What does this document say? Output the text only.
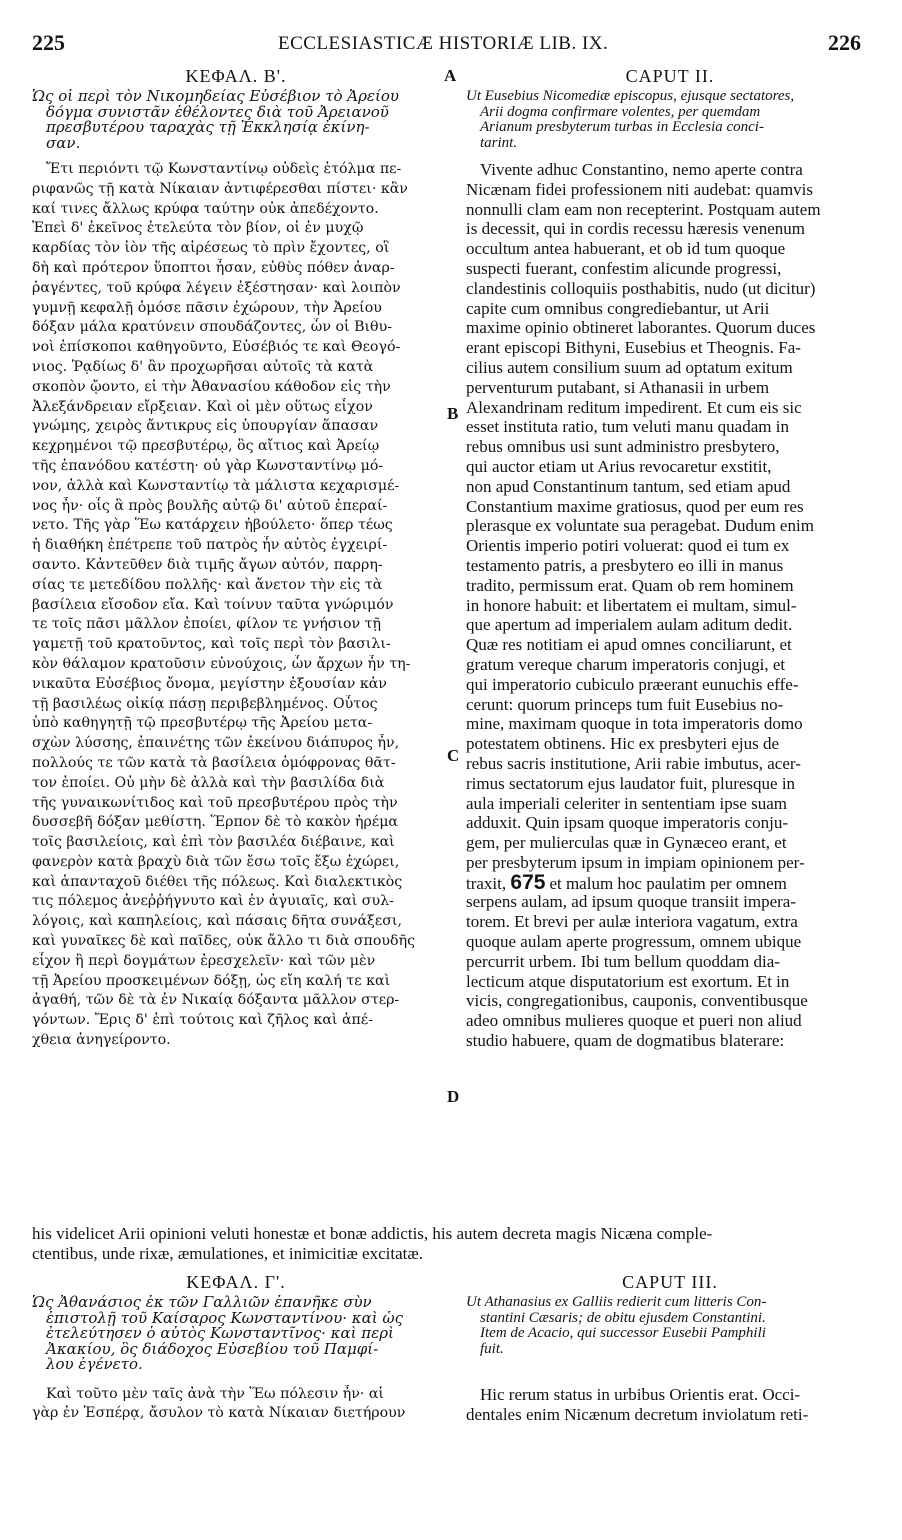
225	ECCLESIASTICÆ HISTORIÆ LIB. IX.	226
A
B
C
D
ΚΕΦΑΛ. Β'.
Ὡς οἱ περὶ τὸν Νικομηδείας Εὐσέβιον τὸ Ἀρείου
δόγμα συνιστᾶν ἐθέλοντες διὰ τοῦ Ἀρειανοῦ
πρεσβυτέρου ταραχὰς τῇ Ἐκκλησίᾳ ἐκίνη-
σαν.
Ἔτι περιόντι τῷ Κωνσταντίνῳ οὐδεὶς ἐτόλμα πε-
ριφανῶς τῇ κατὰ Νίκαιαν ἀντιφέρεσθαι πίστει· κἂν
καί τινες ἄλλως κρύφα ταύτην οὐκ ἀπεδέχοντο.
Ἐπεὶ δ' ἐκεῖνος ἐτελεύτα τὸν βίον, οἱ ἐν μυχῷ
καρδίας τὸν ἰὸν τῆς αἱρέσεως τὸ πρὶν ἔχοντες, οἳ
δὴ καὶ πρότερον ὕποπτοι ἦσαν, εὐθὺς πόθεν ἀναρ-
ῥαγέντες, τοῦ κρύφα λέγειν ἐξέστησαν· καὶ λοιπὸν
γυμνῇ κεφαλῇ ὁμόσε πᾶσιν ἐχώρουν, τὴν Ἀρείου
δόξαν μάλα κρατύνειν σπουδάζοντες, ὧν οἱ Βιθυ-
νοὶ ἐπίσκοποι καθηγοῦντο, Εὐσέβιός τε καὶ Θεογό-
νιος. Ῥᾳδίως δ' ἂν προχωρῆσαι αὐτοῖς τὰ κατὰ
σκοπὸν ᾤοντο, εἰ τὴν Ἀθανασίου κάθοδον εἰς τὴν
Ἀλεξάνδρειαν εἴρξειαν. Καὶ οἱ μὲν οὕτως εἶχον
γνώμης, χειρὸς ἄντικρυς εἰς ὑπουργίαν ἅπασαν
κεχρημένοι τῷ πρεσβυτέρῳ, ὃς αἴτιος καὶ Ἀρείῳ
τῆς ἐπανόδου κατέστη· οὐ γὰρ Κωνσταντίνῳ μό-
νον, ἀλλὰ καὶ Κωνσταντίῳ τὰ μάλιστα κεχαρισμέ-
νος ἦν· οἷς ἃ πρὸς βουλῆς αὐτῷ δι' αὐτοῦ ἐπεραί-
νετο. Τῆς γὰρ Ἕω κατάρχειν ἠβούλετο· ὅπερ τέως
ἡ διαθήκη ἐπέτρεπε τοῦ πατρὸς ἦν αὐτὸς ἐγχειρί-
σαντο. Κἀντεῦθεν διὰ τιμῆς ἄγων αὐτόν, παρρη-
σίας τε μετεδίδου πολλῆς· καὶ ἄνετον τὴν εἰς τὰ
βασίλεια εἴσοδον εἴα. Καὶ τοίνυν ταῦτα γνώριμόν
τε τοῖς πᾶσι μᾶλλον ἐποίει, φίλον τε γνήσιον τῇ
γαμετῇ τοῦ κρατοῦντος, καὶ τοῖς περὶ τὸν βασιλι-
κὸν θάλαμον κρατοῦσιν εὐνούχοις, ὧν ἄρχων ἦν τη-
νικαῦτα Εὐσέβιος ὄνομα, μεγίστην ἐξουσίαν κἀν
τῇ βασιλέως οἰκίᾳ πάσῃ περιβεβλημένος. Οὗτος
ὑπὸ καθηγητῇ τῷ πρεσβυτέρῳ τῆς Ἀρείου μετα-
σχὼν λύσσης, ἐπαινέτης τῶν ἐκείνου διάπυρος ἦν,
πολλούς τε τῶν κατὰ τὰ βασίλεια ὁμόφρονας θᾶτ-
τον ἐποίει. Οὐ μὴν δὲ ἀλλὰ καὶ τὴν βασιλίδα διὰ
τῆς γυναικωνίτιδος καὶ τοῦ πρεσβυτέρου πρὸς τὴν
δυσσεβῆ δόξαν μεθίστη. Ἕρπον δὲ τὸ κακὸν ἠρέμα
τοῖς βασιλείοις, καὶ ἐπὶ τὸν βασιλέα διέβαινε, καὶ
φανερὸν κατὰ βραχὺ διὰ τῶν ἔσω τοῖς ἔξω ἐχώρει,
καὶ ἁπανταχοῦ διέθει τῆς πόλεως. Καὶ διαλεκτικὸς
τις πόλεμος ἀνεῤῥήγνυτο καὶ ἐν ἀγυιαῖς, καὶ συλ-
λόγοις, καὶ καπηλείοις, καὶ πάσαις δῆτα συνάξεσι,
καὶ γυναῖκες δὲ καὶ παῖδες, οὐκ ἄλλο τι διὰ σπουδῆς
εἶχον ἢ περὶ δογμάτων ἐρεσχελεῖν· καὶ τῶν μὲν
τῇ Ἀρείου προσκειμένων δόξῃ, ὡς εἴη καλή τε καὶ
ἀγαθή, τῶν δὲ τὰ ἐν Νικαίᾳ δόξαντα μᾶλλον στερ-
γόντων. Ἔρις δ' ἐπὶ τούτοις καὶ ζῆλος καὶ ἀπέ-
χθεια ἀνηγείροντο.
CAPUT II.
Ut Eusebius Nicomediæ episcopus, ejusque sectatores,
Arii dogma confirmare volentes, per quemdam
Arianum presbyterum turbas in Ecclesia conci-
tarint.
Vivente adhuc Constantino, nemo aperte contra
Nicænam fidei professionem niti audebat: quamvis
nonnulli clam eam non recepterint. Postquam autem
is decessit, qui in cordis recessu hæresis venenum
occultum antea habuerant, et ob id tum quoque
suspecti fuerant, confestim alicunde progressi,
clandestinis colloquiis posthabitis, nudo (ut dicitur)
capite cum omnibus congrediebantur, ut Arii
maxime opinio obtineret laborantes. Quorum duces
erant episcopi Bithyni, Eusebius et Theognis. Fa-
cilius autem consilium suum ad optatum exitum
perventurum putabant, si Athanasii in urbem
Alexandrinam reditum impedirent. Et cum eis sic
esset instituta ratio, tum veluti manu quadam in
rebus omnibus usi sunt administro presbytero,
qui auctor etiam ut Arius revocaretur exstitit,
non apud Constantinum tantum, sed etiam apud
Constantium maxime gratiosus, quod per eum res
plerasque ex voluntate sua peragebat. Dudum enim
Orientis imperio potiri voluerat: quod ei tum ex
testamento patris, a presbytero eo illi in manus
tradito, permissum erat. Quam ob rem hominem
in honore habuit: et libertatem ei multam, simul-
que apertum ad imperialem aulam aditum dedit.
Quæ res notitiam ei apud omnes conciliarunt, et
gratum vereque charum imperatoris conjugi, et
qui imperatorio cubiculo præerant eunuchis effe-
cerunt: quorum princeps tum fuit Eusebius no-
mine, maximam quoque in tota imperatoris domo
potestatem obtinens. Hic ex presbyteri ejus de
rebus sacris institutione, Arii rabie imbutus, acer-
rimus sectatorum ejus laudator fuit, pluresque in
aula imperiali celeriter in sententiam ipse suam
adduxit. Quin ipsam quoque imperatoris conju-
gem, per mulierculas quæ in Gynæceo erant, et
per presbyterum ipsum in impiam opinionem per-
traxit, 675 et malum hoc paulatim per omnem
serpens aulam, ad ipsum quoque transiit impera-
torem. Et brevi per aulæ interiora vagatum, extra
quoque aulam aperte progressum, omnem ubique
percurrit urbem. Ibi tum bellum quoddam dia-
lecticum atque disputatorium est exortum. Et in
vicis, congregationibus, cauponis, conventibusque
adeo omnibus mulieres quoque et pueri non aliud
studio habuere, quam de dogmatibus blaterare:
his videlicet Arii opinioni veluti honestæ et bonæ addictis, his autem decreta magis Nicæna comple-
ctentibus, unde rixæ, æmulationes, et inimicitiæ excitatæ.
ΚΕΦΑΛ. Γ'.
Ὡς Ἀθανάσιος ἐκ τῶν Γαλλιῶν ἐπανῆκε σὺν
ἐπιστολῇ τοῦ Καίσαρος Κωνσταντίνου· καὶ ὡς
ἐτελεύτησεν ὁ αὐτὸς Κωνσταντῖνος· καὶ περὶ
Ἀκακίου, ὃς διάδοχος Εὐσεβίου τοῦ Παμφί-
λου ἐγένετο.
Καὶ τοῦτο μὲν ταῖς ἀνὰ τὴν Ἕω πόλεσιν ἦν· αἱ
γὰρ ἐν Ἑσπέρᾳ, ἄσυλον τὸ κατὰ Νίκαιαν διετήρουν
CAPUT III.
Ut Athanasius ex Galliis redierit cum litteris Con-
stantini Cæsaris; de obitu ejusdem Constantini.
Item de Acacio, qui successor Eusebii Pamphili
fuit.
Hic rerum status in urbibus Orientis erat. Occi-
dentales enim Nicænum decretum inviolatum reti-
